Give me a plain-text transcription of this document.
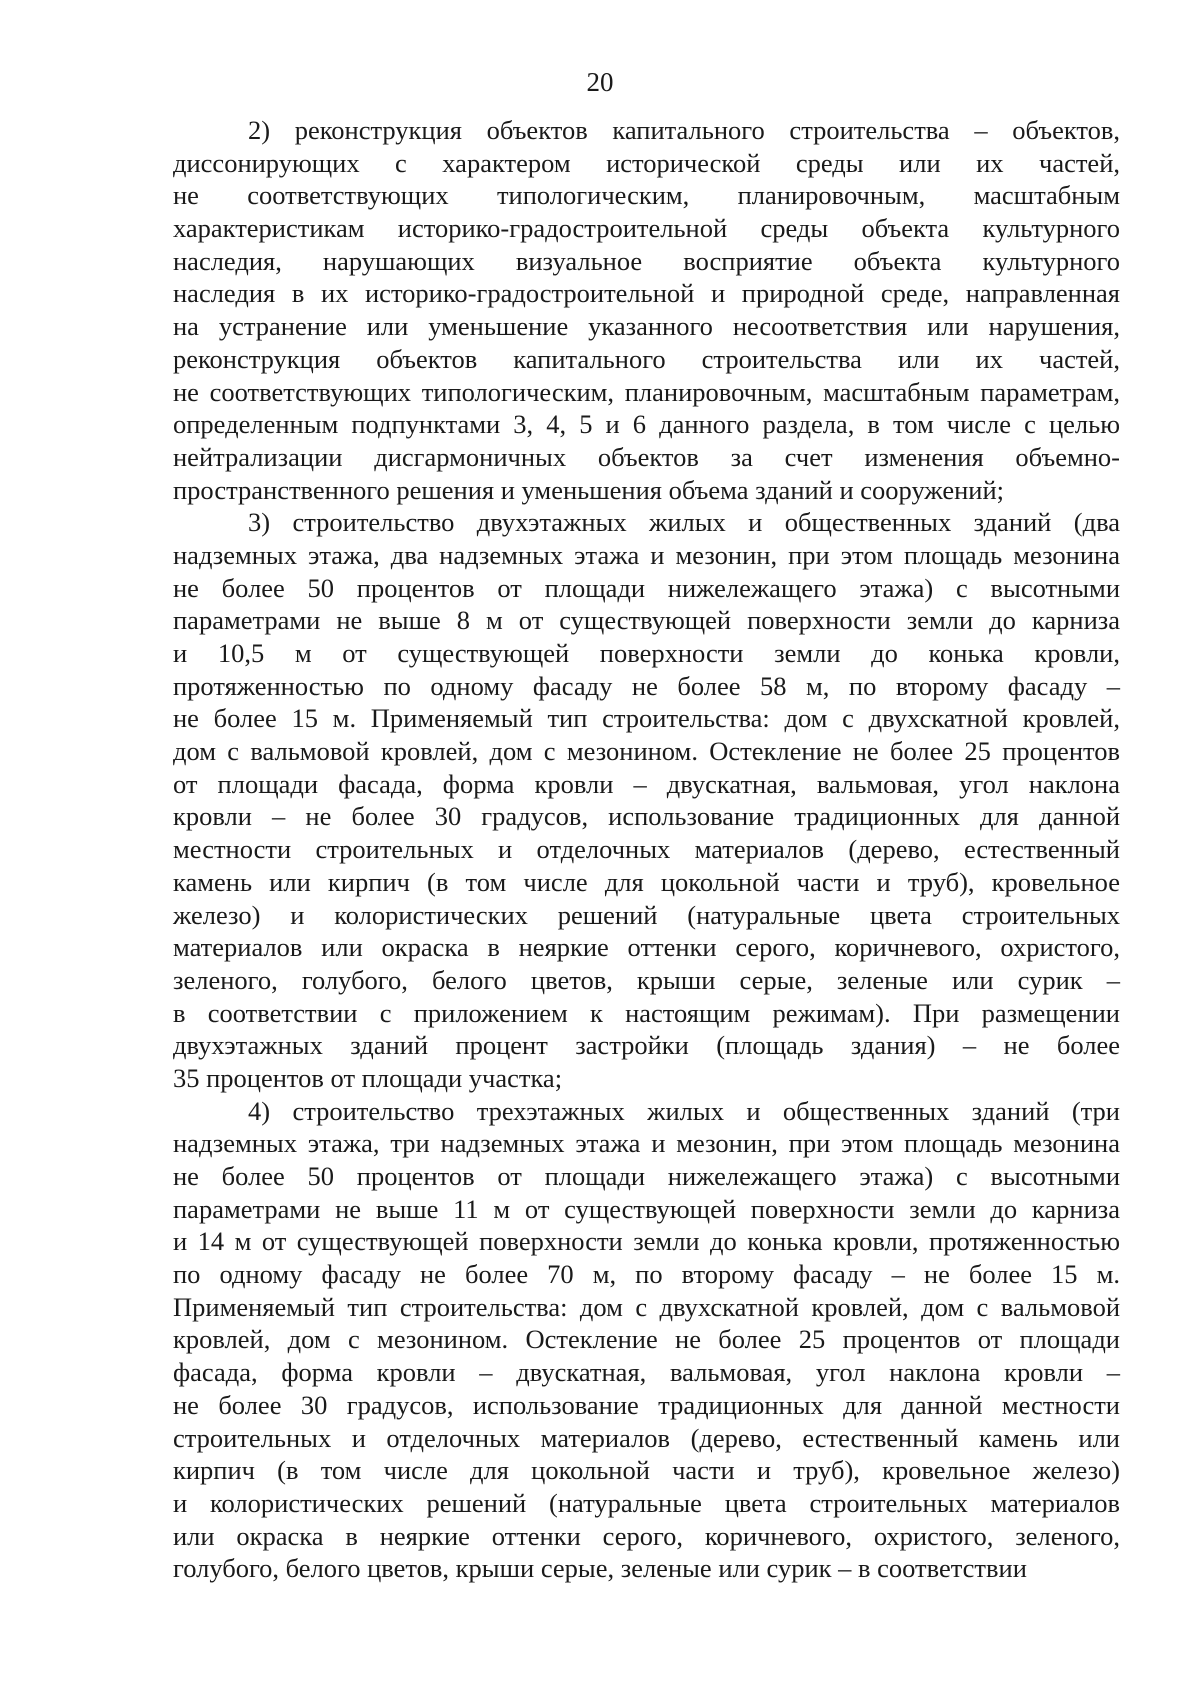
20
2) реконструкция объектов капитального строительства – объектов,
диссонирующих с характером исторической среды или их частей,
не соответствующих типологическим, планировочным, масштабным
характеристикам историко-градостроительной среды объекта культурного
наследия, нарушающих визуальное восприятие объекта культурного
наследия в их историко-градостроительной и природной среде, направленная
на устранение или уменьшение указанного несоответствия или нарушения,
реконструкция объектов капитального строительства или их частей,
не соответствующих типологическим, планировочным, масштабным параметрам,
определенным подпунктами 3, 4, 5 и 6 данного раздела, в том числе с целью
нейтрализации дисгармоничных объектов за счет изменения объемно-
пространственного решения и уменьшения объема зданий и сооружений;
3) строительство двухэтажных жилых и общественных зданий (два
надземных этажа, два надземных этажа и мезонин, при этом площадь мезонина
не более 50 процентов от площади нижележащего этажа) с высотными
параметрами не выше 8 м от существующей поверхности земли до карниза
и 10,5 м от существующей поверхности земли до конька кровли,
протяженностью по одному фасаду не более 58 м, по второму фасаду –
не более 15 м. Применяемый тип строительства: дом с двухскатной кровлей,
дом с вальмовой кровлей, дом с мезонином. Остекление не более 25 процентов
от площади фасада, форма кровли – двускатная, вальмовая, угол наклона
кровли – не более 30 градусов, использование традиционных для данной
местности строительных и отделочных материалов (дерево, естественный
камень или кирпич (в том числе для цокольной части и труб), кровельное
железо) и колористических решений (натуральные цвета строительных
материалов или окраска в неяркие оттенки серого, коричневого, охристого,
зеленого, голубого, белого цветов, крыши серые, зеленые или сурик –
в соответствии с приложением к настоящим режимам). При размещении
двухэтажных зданий процент застройки (площадь здания) – не более
35 процентов от площади участка;
4) строительство трехэтажных жилых и общественных зданий (три
надземных этажа, три надземных этажа и мезонин, при этом площадь мезонина
не более 50 процентов от площади нижележащего этажа) с высотными
параметрами не выше 11 м от существующей поверхности земли до карниза
и 14 м от существующей поверхности земли до конька кровли, протяженностью
по одному фасаду не более 70 м, по второму фасаду – не более 15 м.
Применяемый тип строительства: дом с двухскатной кровлей, дом с вальмовой
кровлей, дом с мезонином. Остекление не более 25 процентов от площади
фасада, форма кровли – двускатная, вальмовая, угол наклона кровли –
не более 30 градусов, использование традиционных для данной местности
строительных и отделочных материалов (дерево, естественный камень или
кирпич (в том числе для цокольной части и труб), кровельное железо)
и колористических решений (натуральные цвета строительных материалов
или окраска в неяркие оттенки серого, коричневого, охристого, зеленого,
голубого, белого цветов, крыши серые, зеленые или сурик – в соответствии
